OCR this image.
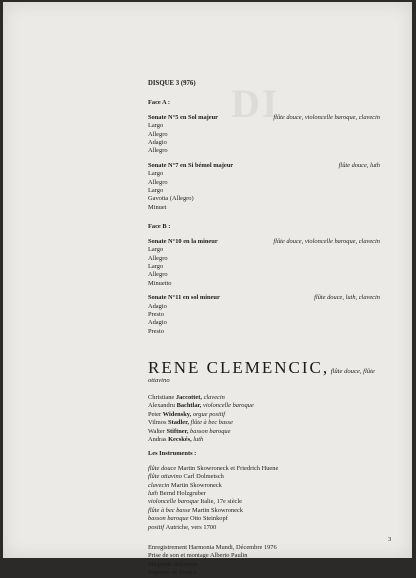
DI
DISQUE 3 (976)
Face A :
Sonate N°5 en Sol majeur	flûte douce, violoncelle baroque, clavecin
Largo
Allegro
Adagio
Allegro
Sonate N°7 en Si bémol majeur	flûte douce, luth
Largo
Allegro
Largo
Gavotta (Allegro)
Minuet
Face B :
Sonate N°10 en la mineur	flûte douce, violoncelle baroque, clavecin
Largo
Allegro
Largo
Allegro
Minuetto
Sonate N°11 en sol mineur	flûte douce, luth, clavecin
Adagio
Presto
Adagio
Presto
RENE CLEMENCIC, flûte douce, flûte ottavino
Christiane Jaccottet, clavecin
Alexandru Bachtlar, violoncelle baroque
Peter Widensky, orgue positif
Vilmos Stadler, flûte à bec basse
Walter Stiftner, basson baroque
Andras Kecskés, luth
Les Instruments :
flûte douce Martin Skowroneck et Friedrich Huene
flûte ottavino Carl Dolmetsch
clavecin Martin Skowroneck
luth Bernd Holzgruber
violoncelle baroque Italie, 17e siècle
flûte à bec basse Martin Skowroneck
basson baroque Otto Steinkopf
positif Autriche, vers 1700
Enregistrement Harmonia Mundi, Décembre 1976
Prise de son et montage Alberto Paulin
Maquette Relations
Imprimé en France
3
